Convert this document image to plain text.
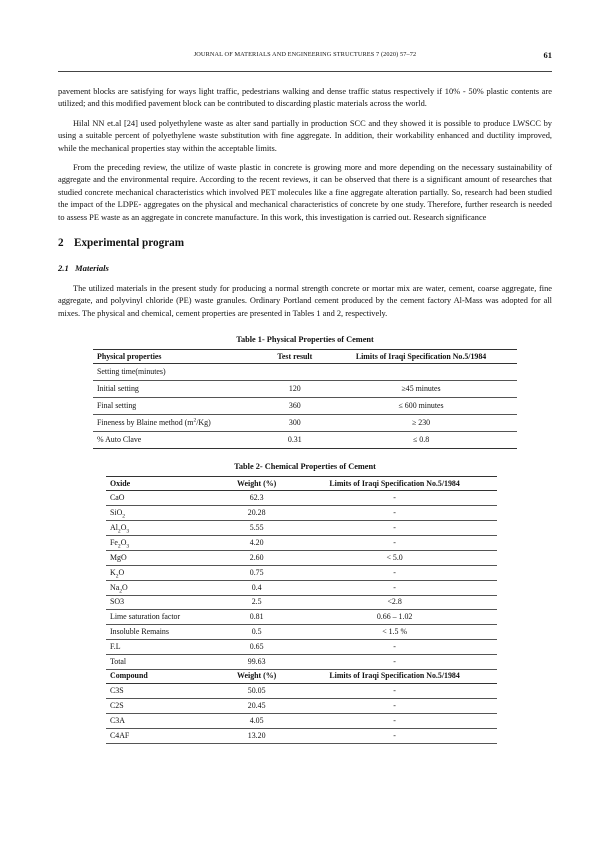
JOURNAL OF MATERIALS AND ENGINEERING STRUCTURES 7 (2020) 57–72	61

pavement blocks are satisfying for ways light traffic, pedestrians walking and dense traffic status respectively if 10% - 50% plastic contents are utilized; and this modified pavement block can be contributed to discarding plastic materials across the world.

Hilal NN et.al [24] used polyethylene waste as alter sand partially in production SCC and they showed it is possible to produce LWSCC by using a suitable percent of polyethylene waste substitution with fine aggregate. In addition, their workability enhanced and ductility improved, while the mechanical properties stay within the acceptable limits.

From the preceding review, the utilize of waste plastic in concrete is growing more and more depending on the necessary sustainability of aggregate and the environmental require. According to the recent reviews, it can be observed that there is a significant amount of researches that studied concrete mechanical characteristics which involved PET molecules like a fine aggregate alteration partially. So, research had been studied the impact of the LDPE- aggregates on the physical and mechanical characteristics of concrete by one study. Therefore, further research is needed to assess PE waste as an aggregate in concrete manufacture. In this work, this investigation is carried out. Research significance

2 Experimental program
2.1 Materials

The utilized materials in the present study for producing a normal strength concrete or mortar mix are water, cement, coarse aggregate, fine aggregate, and polyvinyl chloride (PE) waste granules. Ordinary Portland cement produced by the cement factory Al-Mass was adopted for all mixes. The physical and chemical, cement properties are presented in Tables 1 and 2, respectively.

Table 1- Physical Properties of Cement
Physical properties	Test result	Limits of Iraqi Specification No.5/1984
Setting time(minutes)		
Initial setting	120	≥45 minutes
Final setting	360	≤ 600 minutes
Fineness by Blaine method $(m^2/Kg)$	300	≥ 230
% Auto Clave	0.31	≤ 0.8
Table 2- Chemical Properties of Cement
Oxide	Weight (%)	Limits of Iraqi Specification No.5/1984
CaO	62.3	-
SiO$_2$	20.28	-
$Al_2O_3$	5.55	-
$Fe_2O_3$	4.20	-
MgO	2.60	< 5.0
$K_2O$	0.75	-
$Na_2O$	0.4	-
SO3	2.5	<2.8
Lime saturation factor	0.81	0.66 – 1.02
Insoluble Remains	0.5	< 1.5 %
F.L	0.65	-
Total	99.63	-
Compound	Weight (%)	Limits of Iraqi Specification No.5/1984
C3S	50.05	-
C2S	20.45	-
C3A	4.05	-
C4AF	13.20	-
